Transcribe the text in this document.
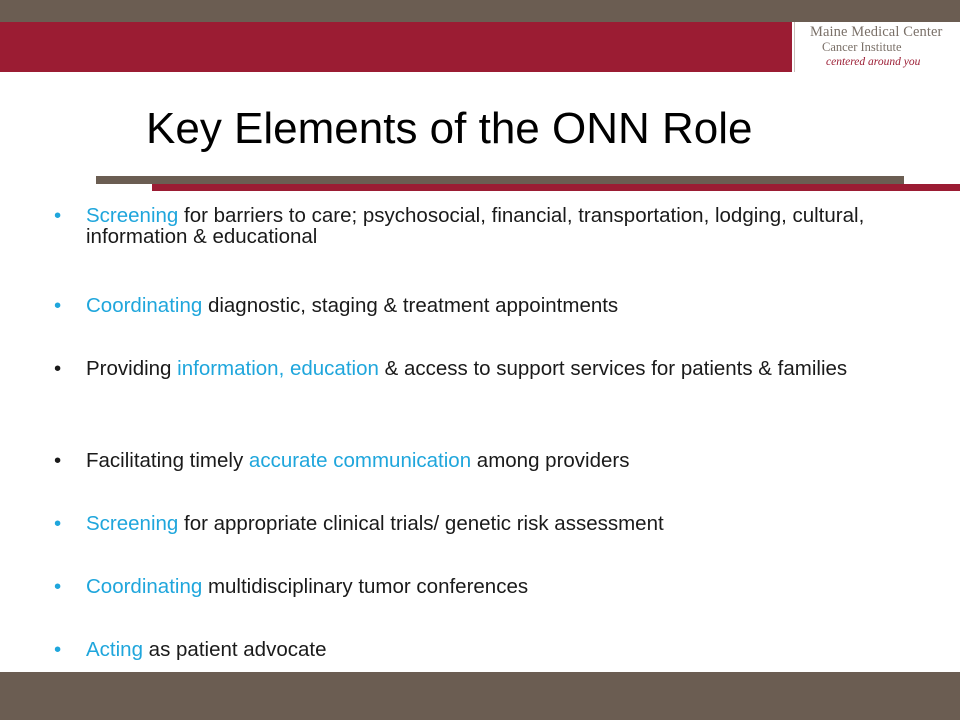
Maine Medical Center
Cancer Institute
centered around you
Key Elements of the ONN Role
• Screening for barriers to care; psychosocial, financial, transportation, lodging, cultural, information & educational
• Coordinating diagnostic, staging & treatment appointments
• Providing information, education & access to support services for patients & families
• Facilitating timely accurate communication among providers
• Screening for appropriate clinical trials/ genetic risk assessment
• Coordinating multidisciplinary tumor conferences
• Acting as patient advocate
